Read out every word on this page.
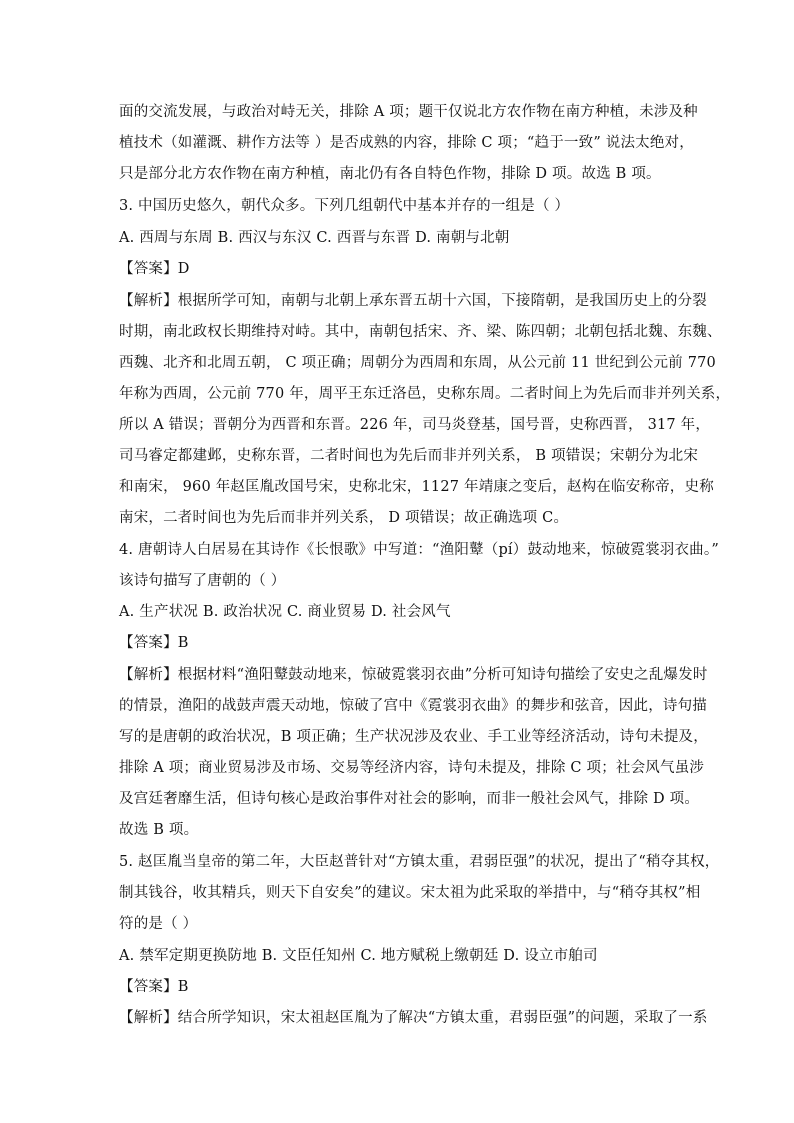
面的交流发展，与政治对峙无关，排除 A 项；题干仅说北方农作物在南方种植，未涉及种
植技术（如灌溉、耕作方法等 ）是否成熟的内容，排除 C 项；“趋于一致” 说法太绝对，
只是部分北方农作物在南方种植，南北仍有各自特色作物，排除 D 项。故选 B 项。
3. 中国历史悠久，朝代众多。下列几组朝代中基本并存的一组是（ ）
A. 西周与东周 B. 西汉与东汉 C. 西晋与东晋 D. 南朝与北朝
【答案】D
【解析】根据所学可知，南朝与北朝上承东晋五胡十六国，下接隋朝，是我国历史上的分裂
时期，南北政权长期维持对峙。其中，南朝包括宋、齐、梁、陈四朝；北朝包括北魏、东魏、
西魏、北齐和北周五朝， C 项正确；周朝分为西周和东周，从公元前 11 世纪到公元前 770
年称为西周，公元前 770 年，周平王东迁洛邑，史称东周。二者时间上为先后而非并列关系，
所以 A 错误；晋朝分为西晋和东晋。226 年，司马炎登基，国号晋，史称西晋， 317 年，
司马睿定都建邺，史称东晋，二者时间也为先后而非并列关系， B 项错误；宋朝分为北宋
和南宋， 960 年赵匡胤改国号宋，史称北宋，1127 年靖康之变后，赵构在临安称帝，史称
南宋，二者时间也为先后而非并列关系， D 项错误；故正确选项 C。
4. 唐朝诗人白居易在其诗作《长恨歌》中写道：“渔阳鼙（pí）鼓动地来，惊破霓裳羽衣曲。”
该诗句描写了唐朝的（ ）
A. 生产状况 B. 政治状况 C. 商业贸易 D. 社会风气
【答案】B
【解析】根据材料“渔阳鼙鼓动地来，惊破霓裳羽衣曲”分析可知诗句描绘了安史之乱爆发时
的情景，渔阳的战鼓声震天动地，惊破了宫中《霓裳羽衣曲》的舞步和弦音，因此，诗句描
写的是唐朝的政治状况，B 项正确；生产状况涉及农业、手工业等经济活动，诗句未提及，
排除 A 项；商业贸易涉及市场、交易等经济内容，诗句未提及，排除 C 项；社会风气虽涉
及宫廷奢靡生活，但诗句核心是政治事件对社会的影响，而非一般社会风气，排除 D 项。
故选 B 项。
5. 赵匡胤当皇帝的第二年，大臣赵普针对“方镇太重，君弱臣强”的状况，提出了“稍夺其权，
制其钱谷，收其精兵，则天下自安矣”的建议。宋太祖为此采取的举措中，与“稍夺其权”相
符的是（ ）
A. 禁军定期更换防地 B. 文臣任知州 C. 地方赋税上缴朝廷 D. 设立市舶司
【答案】B
【解析】结合所学知识，宋太祖赵匡胤为了解决“方镇太重，君弱臣强”的问题，采取了一系
